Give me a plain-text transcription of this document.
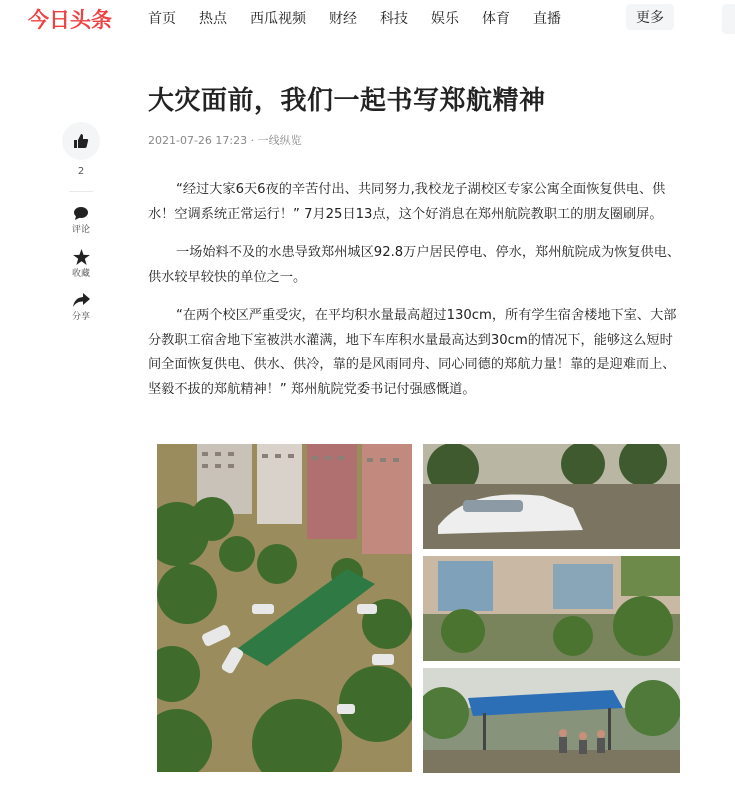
今日头条	首页 热点 西瓜视频 财经 科技 娱乐 体育 直播	更多
2
评论
收藏
分享
大灾面前，我们一起书写郑航精神
2021-07-26 17:23 · 一线纵览

“经过大家6天6夜的辛苦付出、共同努力,我校龙子湖校区专家公寓全面恢复供电、供水！空调系统正常运行！” 7月25日13点，这个好消息在郑州航院教职工的朋友圈刷屏。

一场始料不及的水患导致郑州城区92.8万户居民停电、停水，郑州航院成为恢复供电、供水较早较快的单位之一。

“在两个校区严重受灾，在平均积水量最高超过130cm，所有学生宿舍楼地下室、大部分教职工宿舍地下室被洪水灌满，地下车库积水量最高达到30cm的情况下，能够这么短时间全面恢复供电、供水、供冷，靠的是风雨同舟、同心同德的郑航力量！靠的是迎难而上、坚毅不拔的郑航精神！” 郑州航院党委书记付强感慨道。
